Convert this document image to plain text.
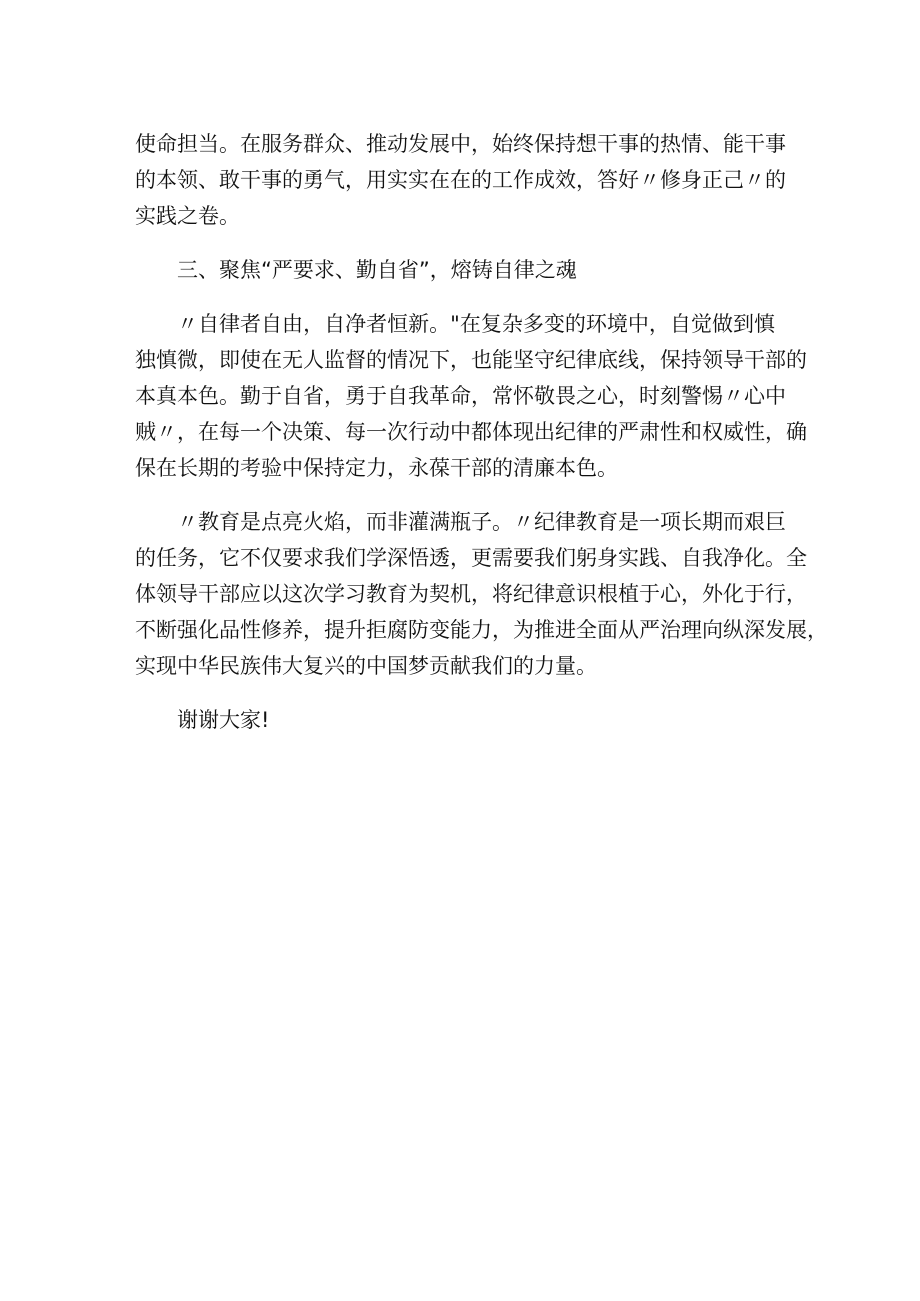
使命担当。在服务群众、推动发展中，始终保持想干事的热情、能干事
的本领、敢干事的勇气，用实实在在的工作成效，答好〃修身正己〃的
实践之卷。
三、聚焦“严要求、勤自省”，熔铸自律之魂
〃自律者自由，自净者恒新。"在复杂多变的环境中，自觉做到慎
独慎微，即使在无人监督的情况下，也能坚守纪律底线，保持领导干部的
本真本色。勤于自省，勇于自我革命，常怀敬畏之心，时刻警惕〃心中
贼〃，在每一个决策、每一次行动中都体现出纪律的严肃性和权威性，确
保在长期的考验中保持定力，永葆干部的清廉本色。
〃教育是点亮火焰，而非灌满瓶子。〃纪律教育是一项长期而艰巨
的任务，它不仅要求我们学深悟透，更需要我们躬身实践、自我净化。全
体领导干部应以这次学习教育为契机，将纪律意识根植于心，外化于行，
不断强化品性修养，提升拒腐防变能力，为推进全面从严治理向纵深发展，
实现中华民族伟大复兴的中国梦贡献我们的力量。
谢谢大家!
